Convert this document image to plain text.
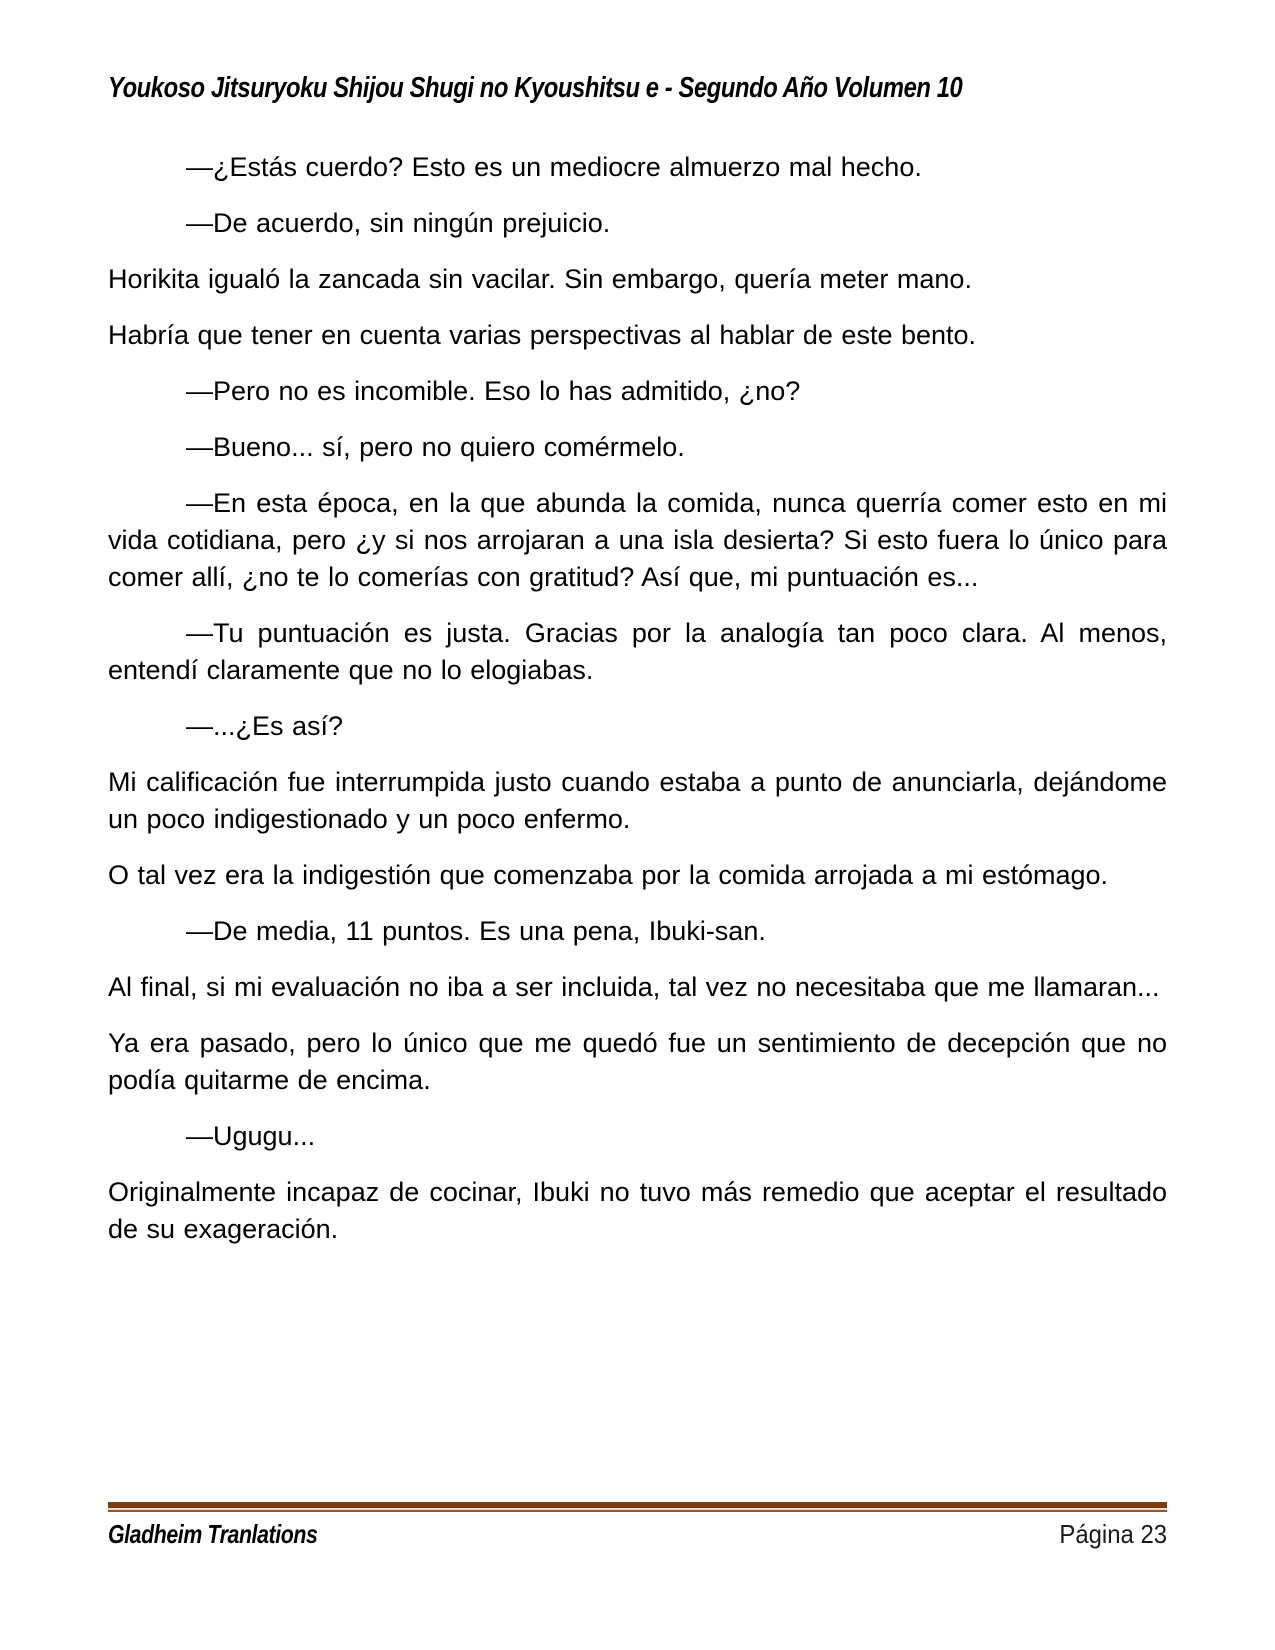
Youkoso Jitsuryoku Shijou Shugi no Kyoushitsu e - Segundo Año Volumen 10

—¿Estás cuerdo? Esto es un mediocre almuerzo mal hecho.

—De acuerdo, sin ningún prejuicio.

Horikita igualó la zancada sin vacilar. Sin embargo, quería meter mano.

Habría que tener en cuenta varias perspectivas al hablar de este bento.

—Pero no es incomible. Eso lo has admitido, ¿no?

—Bueno... sí, pero no quiero comérmelo.

—En esta época, en la que abunda la comida, nunca querría comer esto en mi vida cotidiana, pero ¿y si nos arrojaran a una isla desierta? Si esto fuera lo único para comer allí, ¿no te lo comerías con gratitud? Así que, mi puntuación es...

—Tu puntuación es justa. Gracias por la analogía tan poco clara. Al menos, entendí claramente que no lo elogiabas.

—...¿Es así?

Mi calificación fue interrumpida justo cuando estaba a punto de anunciarla, dejándome un poco indigestionado y un poco enfermo.

O tal vez era la indigestión que comenzaba por la comida arrojada a mi estómago.

—De media, 11 puntos. Es una pena, Ibuki-san.

Al final, si mi evaluación no iba a ser incluida, tal vez no necesitaba que me llamaran...

Ya era pasado, pero lo único que me quedó fue un sentimiento de decepción que no podía quitarme de encima.

—Ugugu...

Originalmente incapaz de cocinar, Ibuki no tuvo más remedio que aceptar el resultado de su exageración.

Gladheim Tranlations	Página 23
